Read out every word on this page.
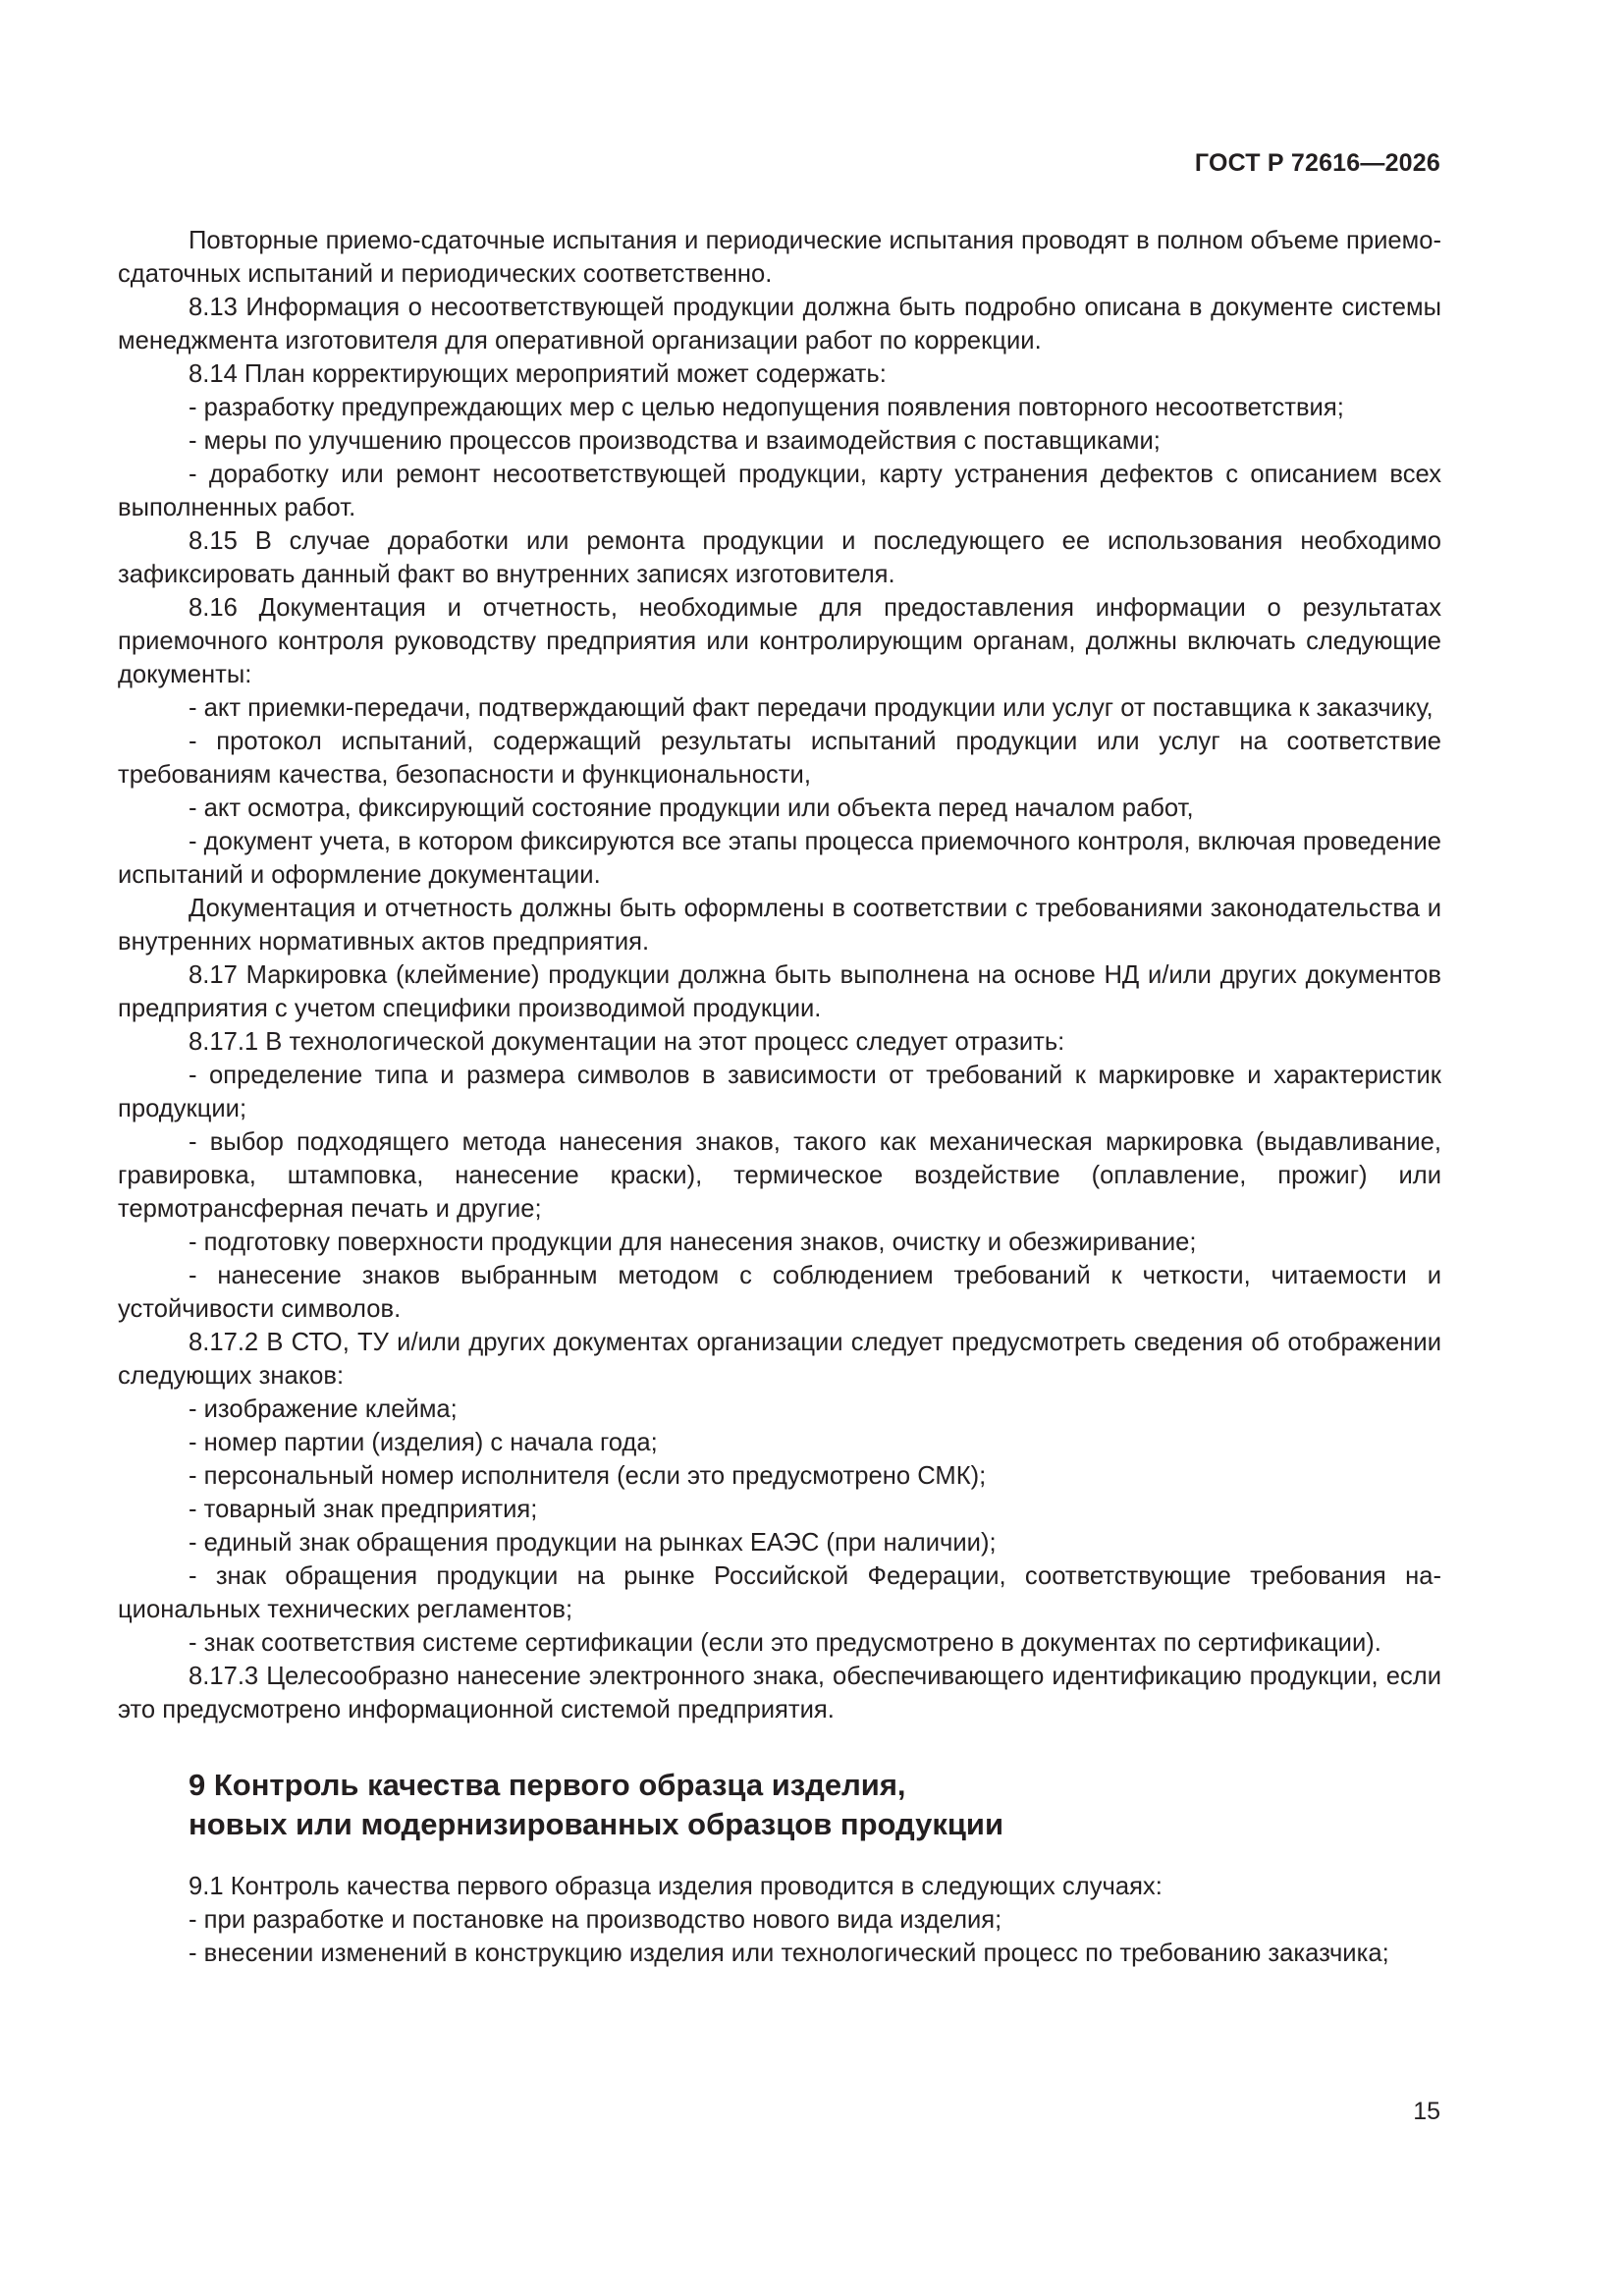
ГОСТ Р 72616—2026

Повторные приемо-сдаточные испытания и периодические испытания проводят в полном объеме приемо-сдаточных испытаний и периодических соответственно.

8.13 Информация о несоответствующей продукции должна быть подробно описана в документе системы менеджмента изготовителя для оперативной организации работ по коррекции.

8.14 План корректирующих мероприятий может содержать:

- разработку предупреждающих мер с целью недопущения появления повторного несоответствия;

- меры по улучшению процессов производства и взаимодействия с поставщиками;

- доработку или ремонт несоответствующей продукции, карту устранения дефектов с описанием всех выполненных работ.

8.15 В случае доработки или ремонта продукции и последующего ее использования необходимо зафиксировать данный факт во внутренних записях изготовителя.

8.16 Документация и отчетность, необходимые для предоставления информации о результатах приемочного контроля руководству предприятия или контролирующим органам, должны включать следующие документы:

- акт приемки-передачи, подтверждающий факт передачи продукции или услуг от поставщика к заказчику,

- протокол испытаний, содержащий результаты испытаний продукции или услуг на соответствие требованиям качества, безопасности и функциональности,

- акт осмотра, фиксирующий состояние продукции или объекта перед началом работ,

- документ учета, в котором фиксируются все этапы процесса приемочного контроля, включая проведение испытаний и оформление документации.

Документация и отчетность должны быть оформлены в соответствии с требованиями законодательства и внутренних нормативных актов предприятия.

8.17 Маркировка (клеймение) продукции должна быть выполнена на основе НД и/или других документов предприятия с учетом специфики производимой продукции.

8.17.1 В технологической документации на этот процесс следует отразить:

- определение типа и размера символов в зависимости от требований к маркировке и характеристик продукции;

- выбор подходящего метода нанесения знаков, такого как механическая маркировка (выдавливание, гравировка, штамповка, нанесение краски), термическое воздействие (оплавление, прожиг) или термотрансферная печать и другие;

- подготовку поверхности продукции для нанесения знаков, очистку и обезжиривание;

- нанесение знаков выбранным методом с соблюдением требований к четкости, читаемости и устойчивости символов.

8.17.2 В СТО, ТУ и/или других документах организации следует предусмотреть сведения об отображении следующих знаков:

- изображение клейма;

- номер партии (изделия) с начала года;

- персональный номер исполнителя (если это предусмотрено СМК);

- товарный знак предприятия;

- единый знак обращения продукции на рынках ЕАЭС (при наличии);

- знак обращения продукции на рынке Российской Федерации, соответствующие требования национальных технических регламентов;

- знак соответствия системе сертификации (если это предусмотрено в документах по сертификации).

8.17.3 Целесообразно нанесение электронного знака, обеспечивающего идентификацию продукции, если это предусмотрено информационной системой предприятия.

9 Контроль качества первого образца изделия,
новых или модернизированных образцов продукции

9.1 Контроль качества первого образца изделия проводится в следующих случаях:

- при разработке и постановке на производство нового вида изделия;

- внесении изменений в конструкцию изделия или технологический процесс по требованию заказчика;

15
